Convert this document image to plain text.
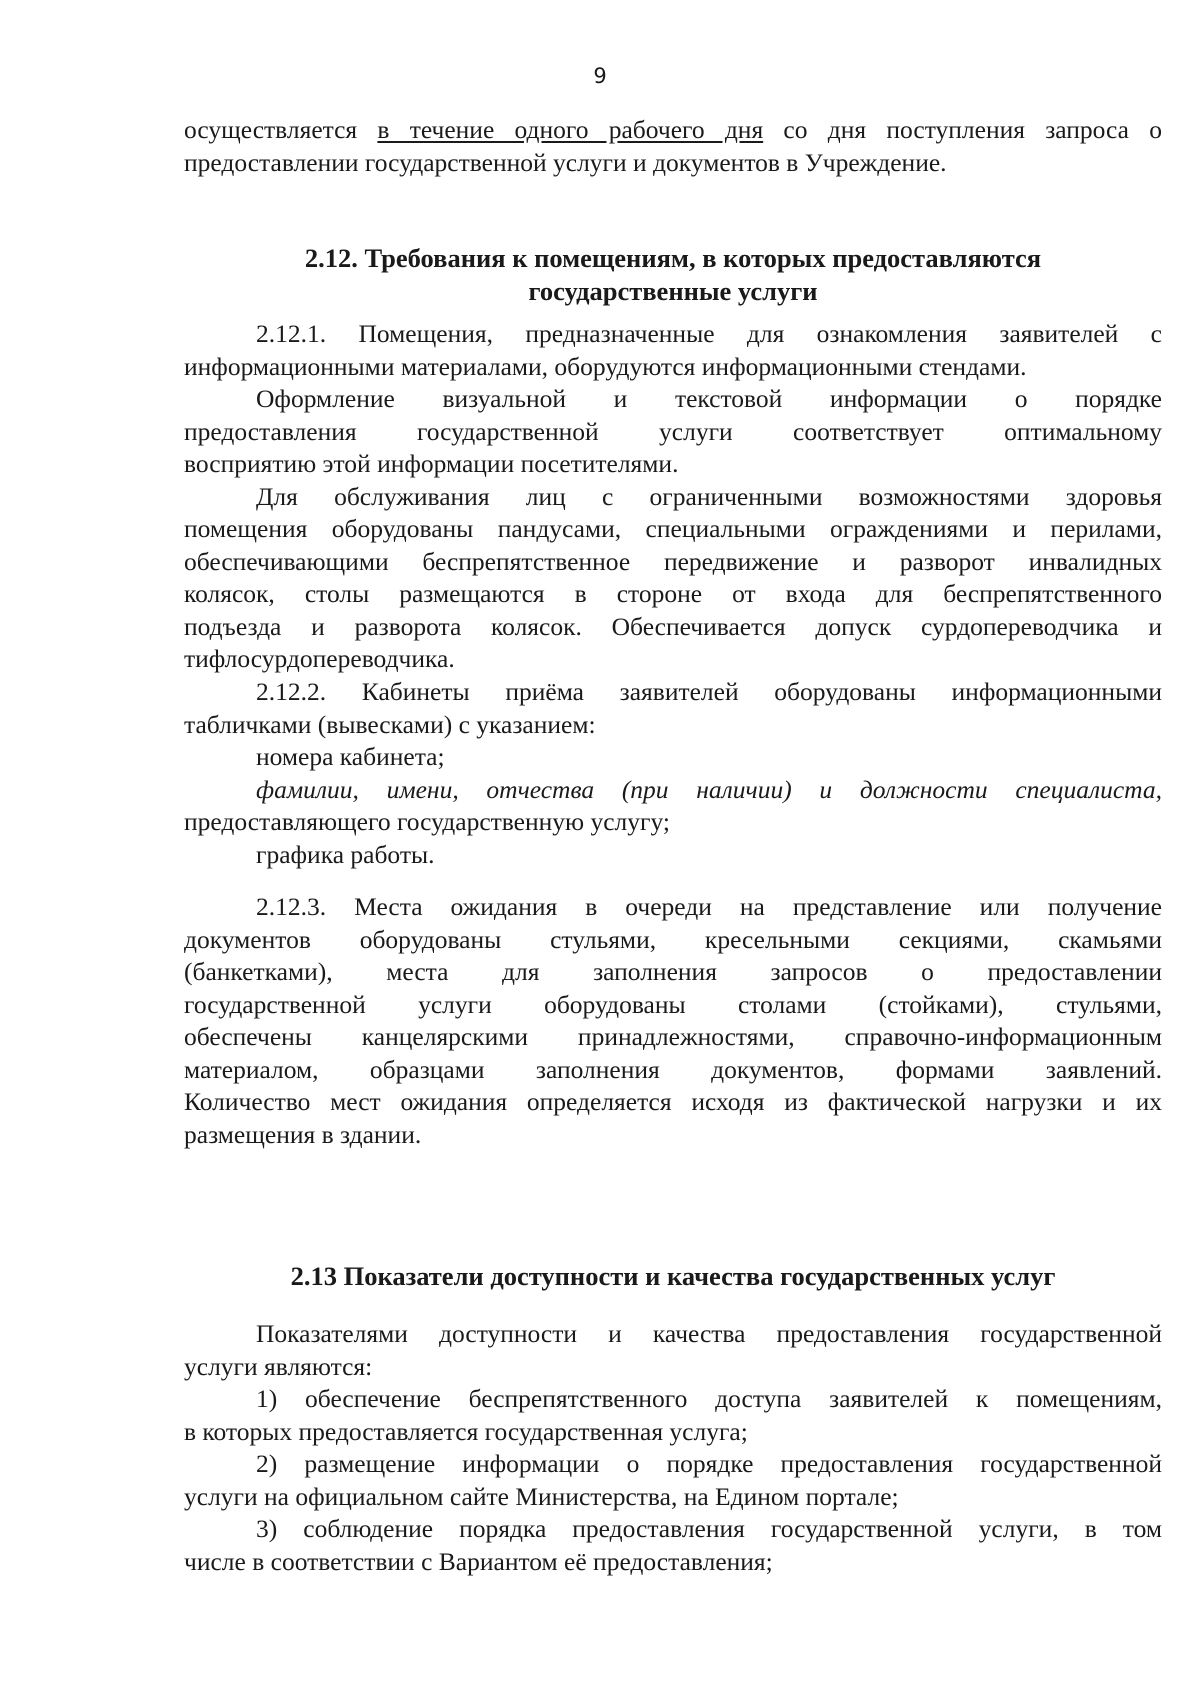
9
осуществляется в течение одного рабочего дня со дня поступления запроса о
предоставлении государственной услуги и документов в Учреждение.
2.12. Требования к помещениям, в которых предоставляются
государственные услуги
2.12.1. Помещения, предназначенные для ознакомления заявителей с
информационными материалами, оборудуются информационными стендами.
Оформление визуальной и текстовой информации о порядке
предоставления государственной услуги соответствует оптимальному
восприятию этой информации посетителями.
Для обслуживания лиц с ограниченными возможностями здоровья
помещения оборудованы пандусами, специальными ограждениями и перилами,
обеспечивающими беспрепятственное передвижение и разворот инвалидных
колясок, столы размещаются в стороне от входа для беспрепятственного
подъезда и разворота колясок. Обеспечивается допуск сурдопереводчика и
тифлосурдопереводчика.
2.12.2. Кабинеты приёма заявителей оборудованы информационными
табличками (вывесками) с указанием:
номера кабинета;
фамилии, имени, отчества (при наличии) и должности специалиста,
предоставляющего государственную услугу;
графика работы.
2.12.3. Места ожидания в очереди на представление или получение
документов оборудованы стульями, кресельными секциями, скамьями
(банкетками), места для заполнения запросов о предоставлении
государственной услуги оборудованы столами (стойками), стульями,
обеспечены канцелярскими принадлежностями, справочно-информационным
материалом, образцами заполнения документов, формами заявлений.
Количество мест ожидания определяется исходя из фактической нагрузки и их
размещения в здании.
2.13 Показатели доступности и качества государственных услуг
Показателями доступности и качества предоставления государственной
услуги являются:
1) обеспечение беспрепятственного доступа заявителей к помещениям,
в которых предоставляется государственная услуга;
2) размещение информации о порядке предоставления государственной
услуги на официальном сайте Министерства, на Едином портале;
3) соблюдение порядка предоставления государственной услуги, в том
числе в соответствии с Вариантом её предоставления;
